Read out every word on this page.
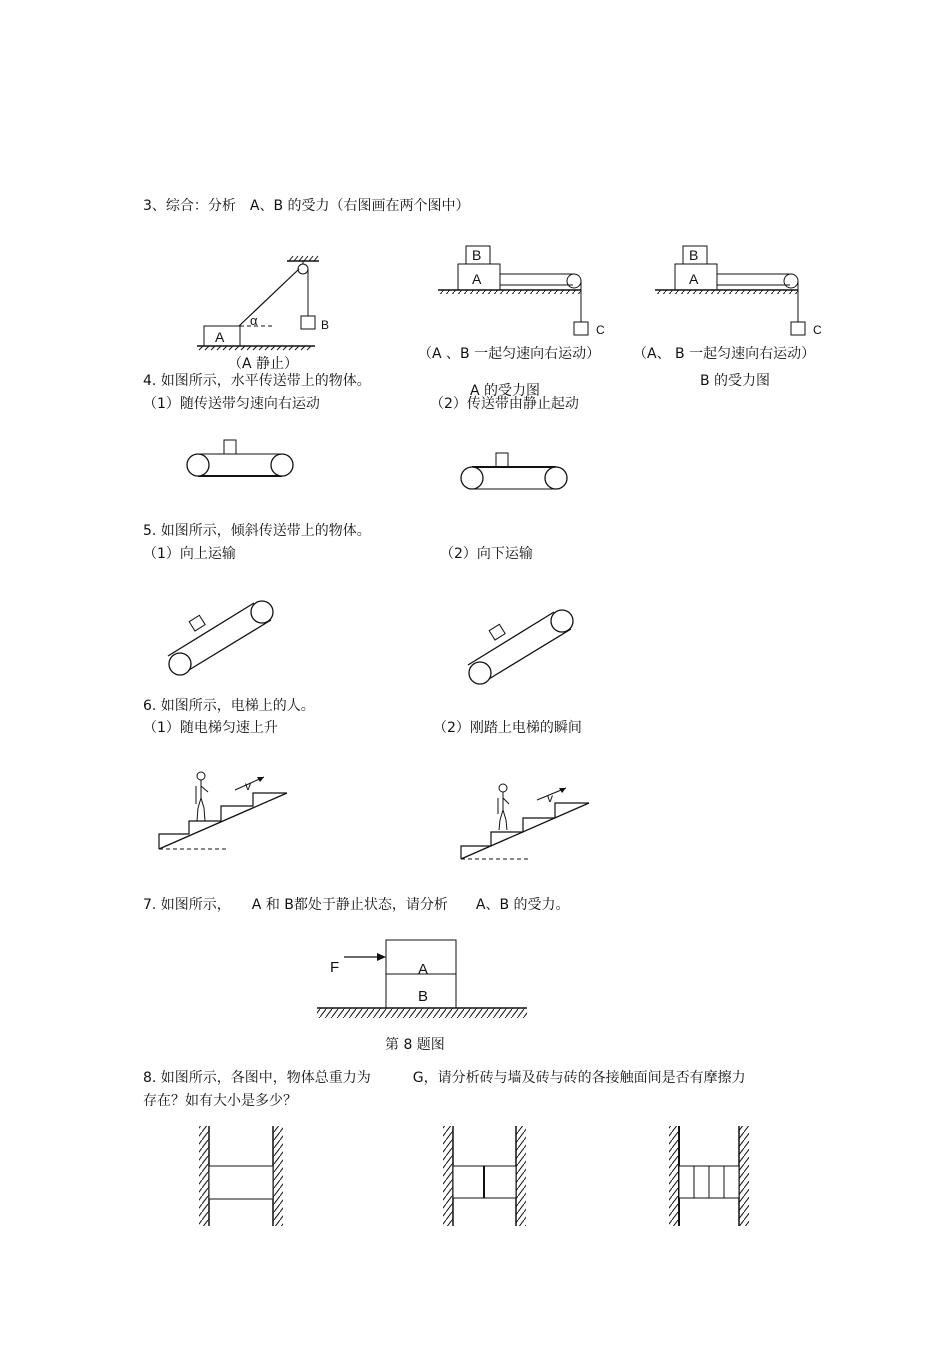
3、综合：分析　A、B 的受力（右图画在两个图中）
B
A
α
（A 静止）
B
A
C
（A 、B 一起匀速向右运动）
A 的受力图
B
A
C
（A、 B 一起匀速向右运动）
B 的受力图
4. 如图所示，水平传送带上的物体。
（1）随传送带匀速向右运动	（2）传送带由静止起动
5. 如图所示，倾斜传送带上的物体。
（1）向上运输	（2）向下运输
6. 如图所示，电梯上的人。
（1）随电梯匀速上升	（2）刚踏上电梯的瞬间
v
v
7. 如图所示，　　A 和 B都处于静止状态，请分析　　A、B 的受力。
A
B
F
第 8 题图
8. 如图所示，各图中，物体总重力为　　　G，请分析砖与墙及砖与砖的各接触面间是否有摩擦力
存在？如有大小是多少？
